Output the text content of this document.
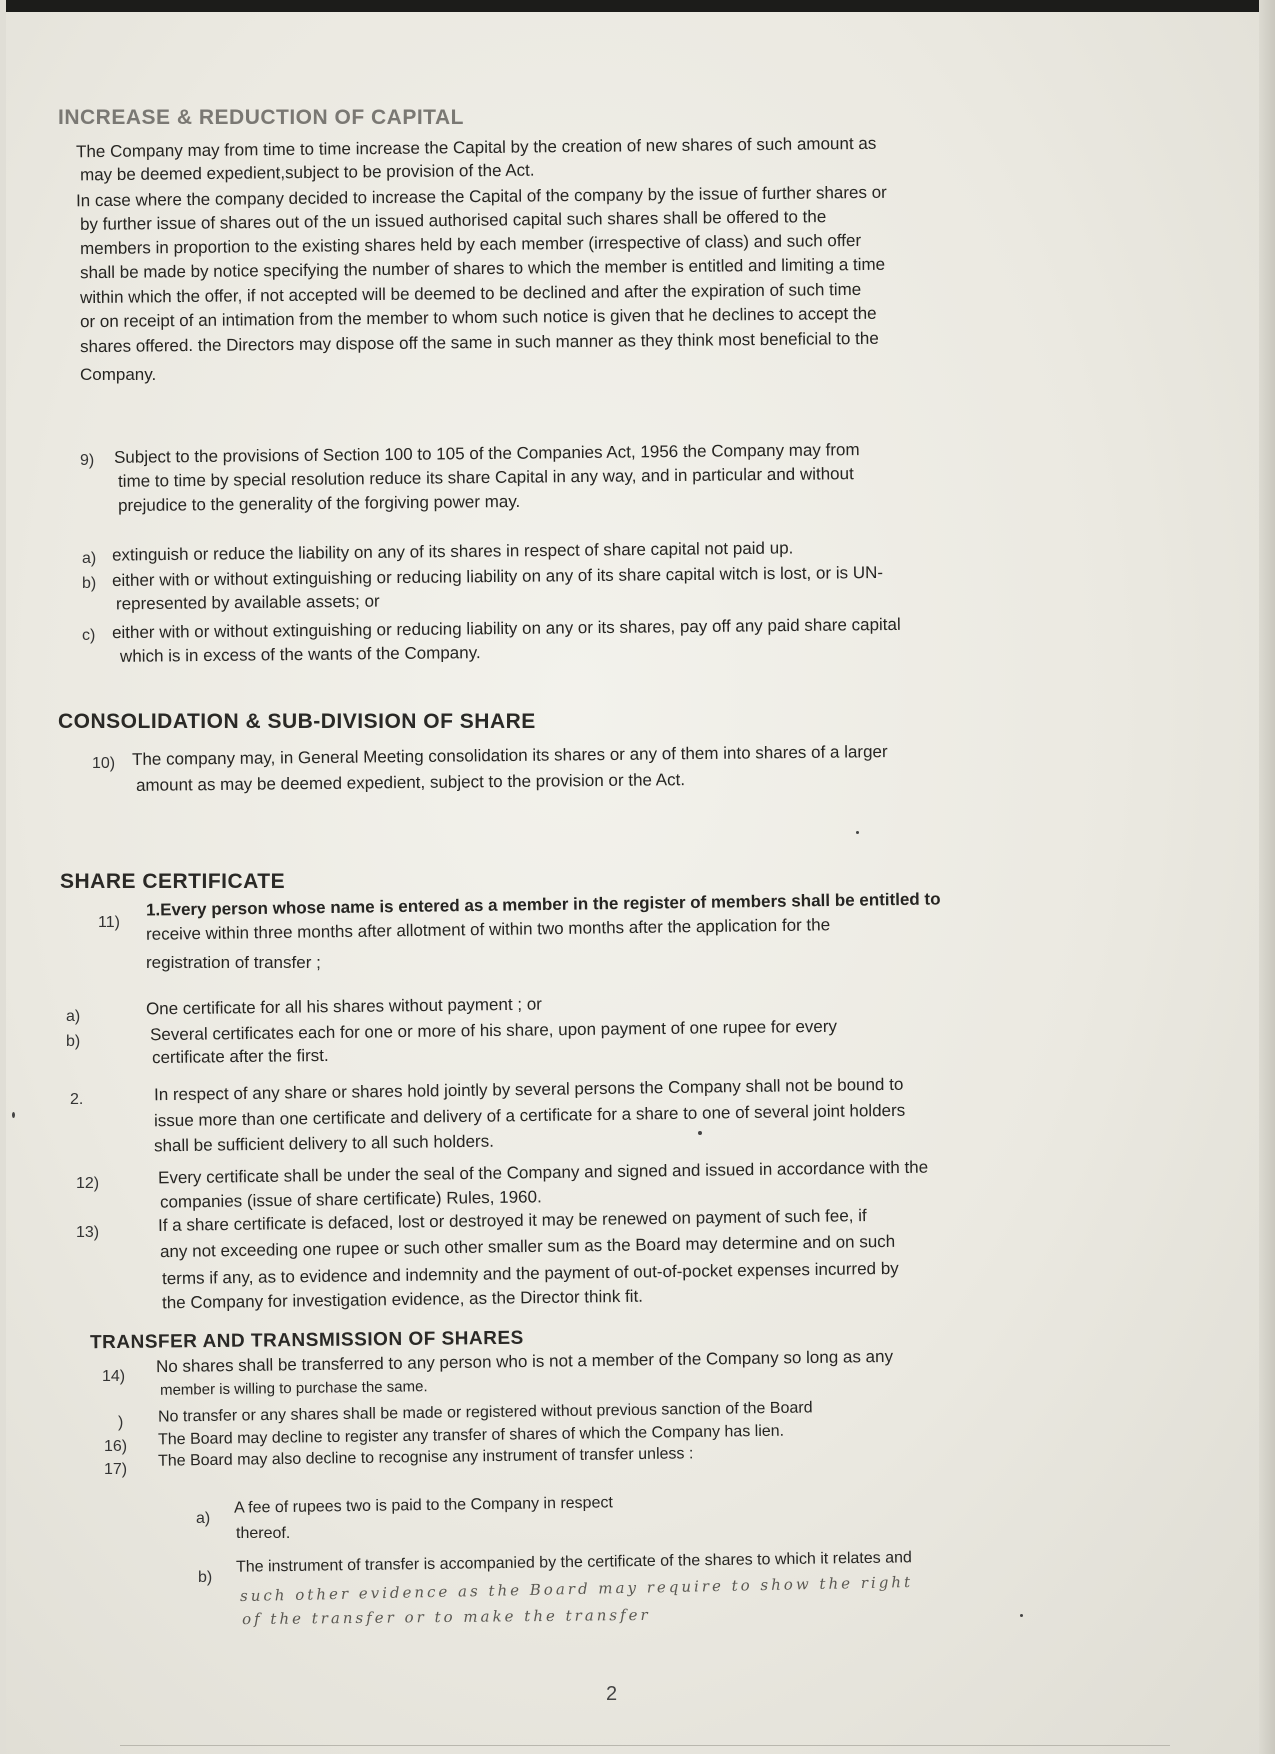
INCREASE & REDUCTION OF CAPITAL
The Company may from time to time increase the Capital by the creation of new shares of such amount as
may be deemed expedient,subject to be provision of the Act.
In case where the company decided to increase the Capital of the company by the issue of further shares or
by further issue of shares out of the un issued authorised capital such shares shall be offered to the
members in proportion to the existing shares held by each member (irrespective of class) and such offer
shall be made by notice specifying the number of shares to which the member is entitled and limiting a time
within which the offer, if not accepted will be deemed to be declined and after the expiration of such time
or on receipt of an intimation from the member to whom such notice is given that he declines to accept the
shares offered. the Directors may dispose off the same in such manner as they think most beneficial to the
Company.
9) Subject to the provisions of Section 100 to 105 of the Companies Act, 1956 the Company may from
time to time by special resolution reduce its share Capital in any way, and in particular and without
prejudice to the generality of the forgiving power may.
a) extinguish or reduce the liability on any of its shares in respect of share capital not paid up.
b) either with or without extinguishing or reducing liability on any of its share capital witch is lost, or is UN-
represented by available assets; or
c) either with or without extinguishing or reducing liability on any or its shares, pay off any paid share capital
which is in excess of the wants of the Company.
CONSOLIDATION & SUB-DIVISION OF SHARE
10) The company may, in General Meeting consolidation its shares or any of them into shares of a larger
amount as may be deemed expedient, subject to the provision or the Act.
SHARE CERTIFICATE
11)
1.Every person whose name is entered as a member in the register of members shall be entitled to
receive within three months after allotment of within two months after the application for the
registration of transfer ;
a)	One certificate for all his shares without payment ; or
b)	Several certificates each for one or more of his share, upon payment of one rupee for every
certificate after the first.
2.	In respect of any share or shares hold jointly by several persons the Company shall not be bound to
issue more than one certificate and delivery of a certificate for a share to one of several joint holders
shall be sufficient delivery to all such holders.
12)	Every certificate shall be under the seal of the Company and signed and issued in accordance with the
companies (issue of share certificate) Rules, 1960.
13)	If a share certificate is defaced, lost or destroyed it may be renewed on payment of such fee, if
any not exceeding one rupee or such other smaller sum as the Board may determine and on such
terms if any, as to evidence and indemnity and the payment of out-of-pocket expenses incurred by
the Company for investigation evidence, as the Director think fit.
TRANSFER AND TRANSMISSION OF SHARES
14)
No shares shall be transferred to any person who is not a member of the Company so long as any
member is willing to purchase the same.
) No transfer or any shares shall be made or registered without previous sanction of the Board
16) The Board may decline to register any transfer of shares of which the Company has lien.
17) The Board may also decline to recognise any instrument of transfer unless :
a)
A fee of rupees two is paid to the Company in respect
thereof.
b)
The instrument of transfer is accompanied by the certificate of the shares to which it relates and
such other evidence as the Board may require to show the right
of the transfer or to make the transfer
2
